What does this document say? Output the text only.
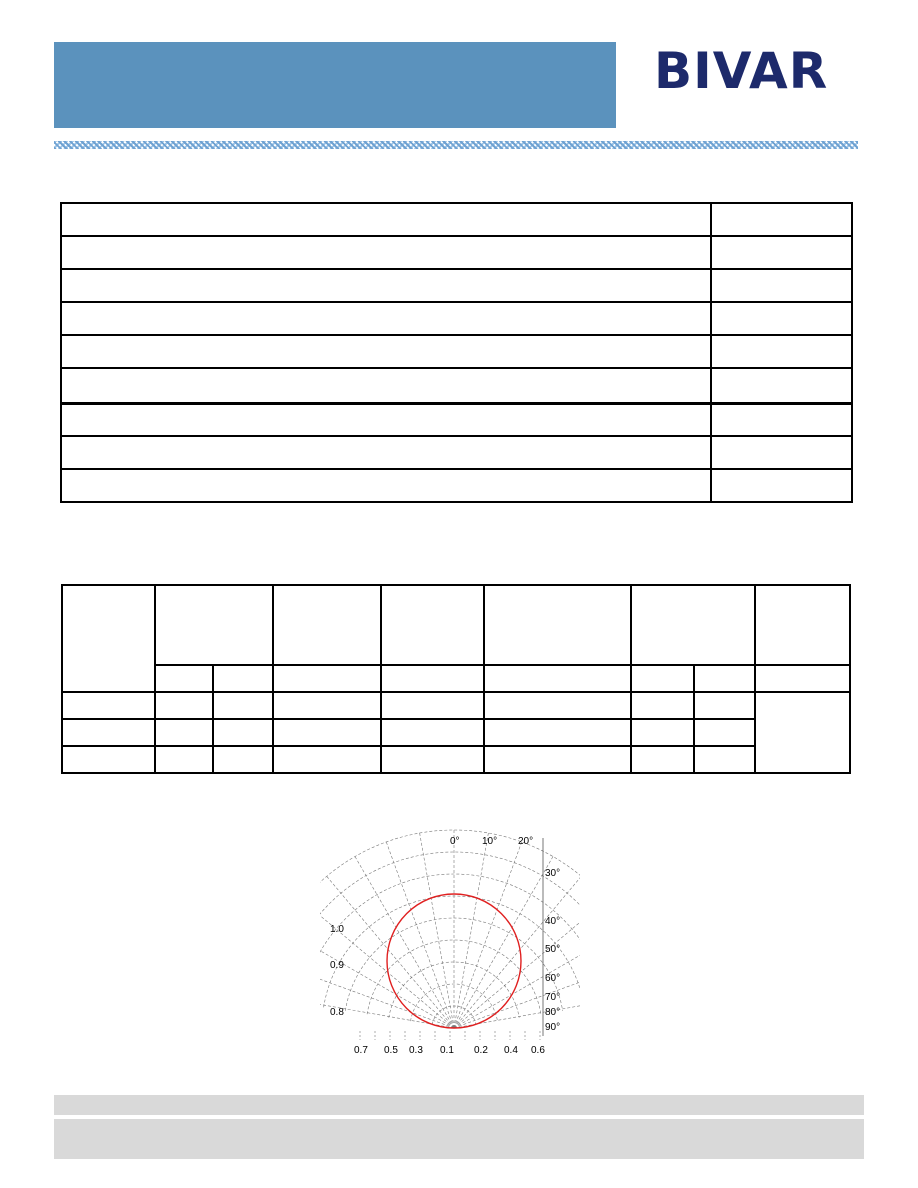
BIVAR

0° 10° 20°
30°
40°
50°
60°
70°
80°
90°
1.0
0.9
0.8
0.7 0.5 0.3 0.1 0.2 0.4 0.6
